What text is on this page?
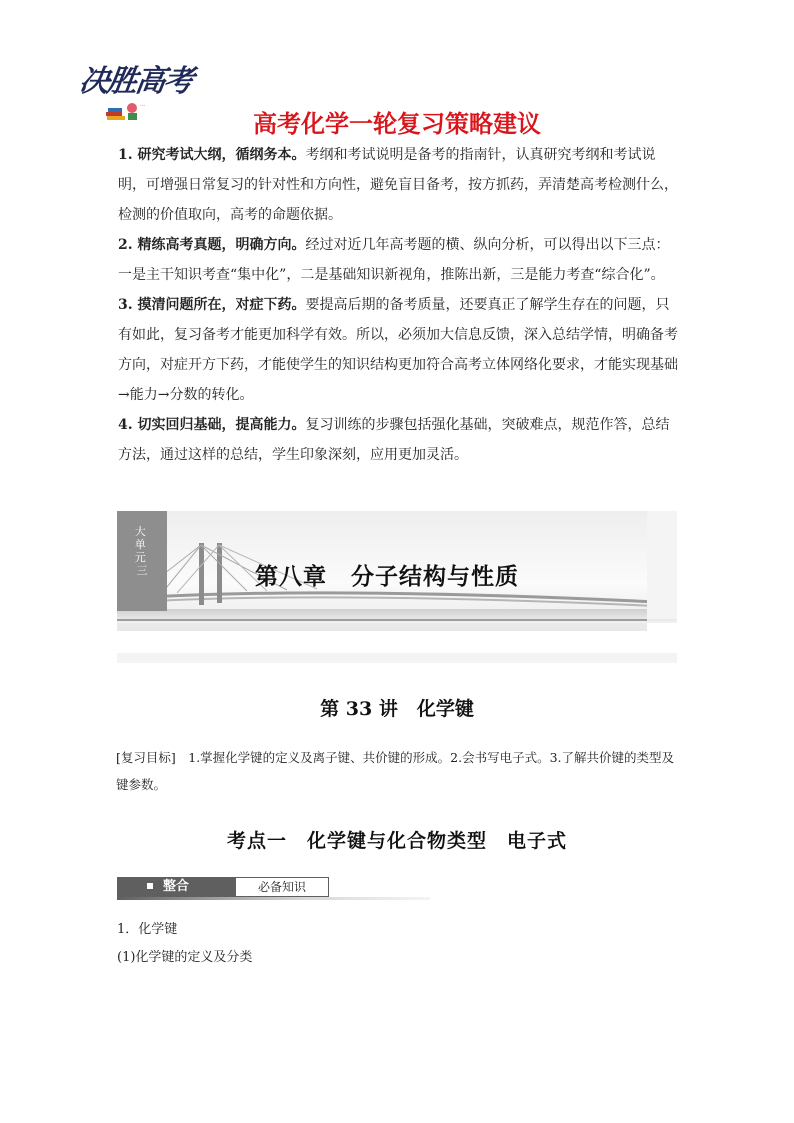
决胜高考
…
高考化学一轮复习策略建议

1. 研究考试大纲，循纲务本。考纲和考试说明是备考的指南针，认真研究考纲和考试说明，可增强日常复习的针对性和方向性，避免盲目备考，按方抓药，弄清楚高考检测什么，检测的价值取向，高考的命题依据。

2. 精练高考真题，明确方向。经过对近几年高考题的横、纵向分析，可以得出以下三点：一是主干知识考查“集中化”，二是基础知识新视角，推陈出新，三是能力考查“综合化”。

3. 摸清问题所在，对症下药。要提高后期的备考质量，还要真正了解学生存在的问题，只有如此，复习备考才能更加科学有效。所以，必须加大信息反馈，深入总结学情，明确备考方向，对症开方下药，才能使学生的知识结构更加符合高考立体网络化要求，才能实现基础→能力→分数的转化。

4. 切实回归基础，提高能力。复习训练的步骤包括强化基础，突破难点，规范作答，总结方法，通过这样的总结，学生印象深刻，应用更加灵活。

大 单 元 三	第八章　分子结构与性质
第 33 讲　化学键
[复习目标]　1.掌握化学键的定义及离子键、共价键的形成。2.会书写电子式。3.了解共价键的类型及键参数。
考点一　化学键与化合物类型　电子式
整合	必备知识
1．化学键
(1)化学键的定义及分类
